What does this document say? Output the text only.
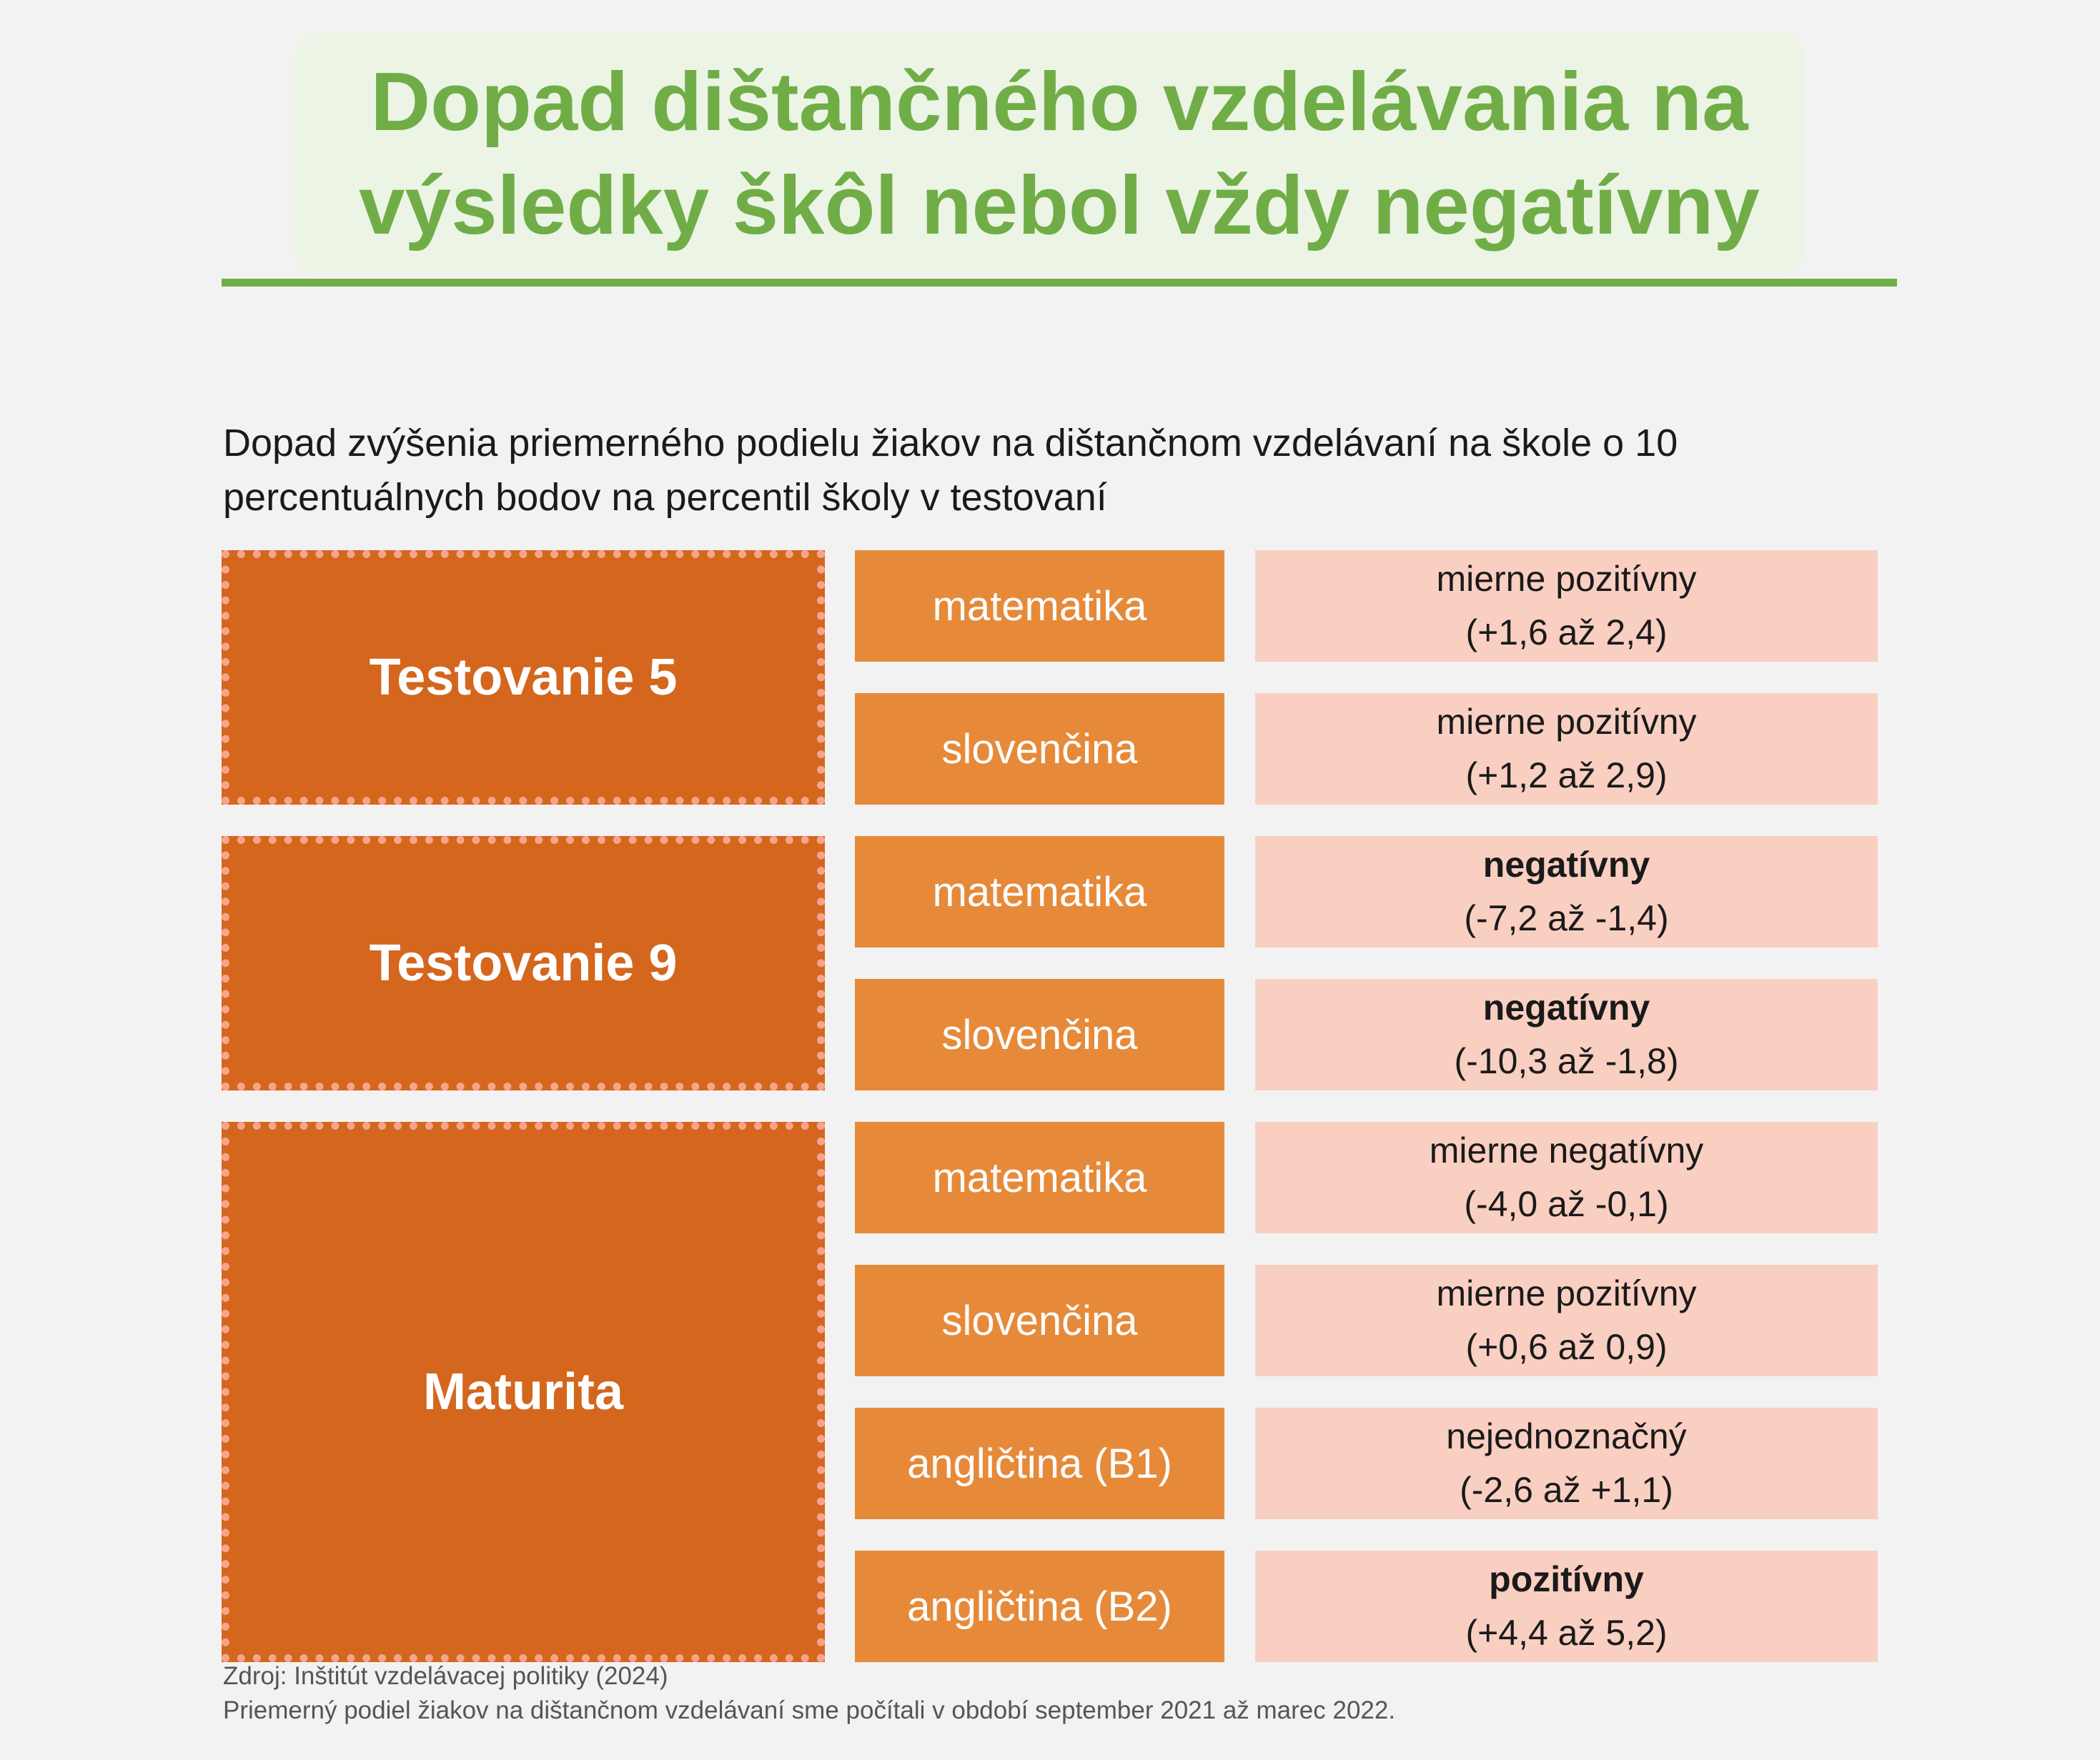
Dopad dištančného vzdelávania na
výsledky škôl nebol vždy negatívny
Dopad zvýšenia priemerného podielu žiakov na dištančnom vzdelávaní na škole o 10
percentuálnych bodov na percentil školy v testovaní
Testovanie 5
matematika
mierne pozitívny
(+1,6 až 2,4)
slovenčina
mierne pozitívny
(+1,2 až 2,9)
Testovanie 9
matematika
negatívny
(-7,2 až -1,4)
slovenčina
negatívny
(-10,3 až -1,8)
Maturita
matematika
mierne negatívny
(-4,0 až -0,1)
slovenčina
mierne pozitívny
(+0,6 až 0,9)
angličtina (B1)
nejednoznačný
(-2,6 až +1,1)
angličtina (B2)
pozitívny
(+4,4 až 5,2)
Zdroj: Inštitút vzdelávacej politiky (2024)
Priemerný podiel žiakov na dištančnom vzdelávaní sme počítali v období september 2021 až marec 2022.
